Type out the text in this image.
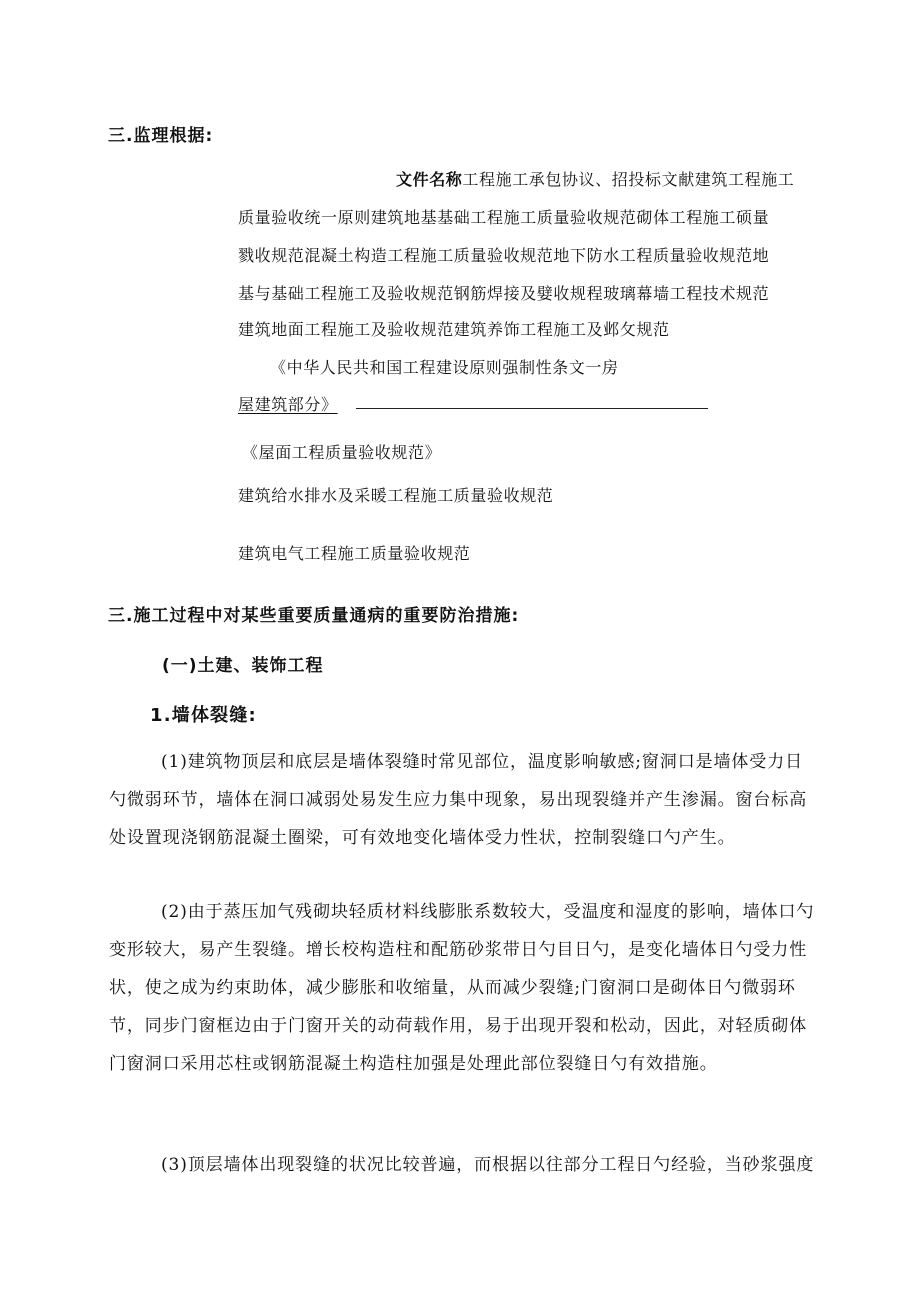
三.监理根据:
文件名称工程施工承包协议、招投标文献建筑工程施工
质量验收统一原则建筑地基基础工程施工质量验收规范砌体工程施工硕量
戮收规范混凝土构造工程施工质量验收规范地下防水工程质量验收规范地
基与基础工程施工及验收规范钢筋焊接及嬖收规程玻璃幕墙工程技术规范
建筑地面工程施工及验收规范建筑养饰工程施工及邺攵规范
《中华人民共和国工程建设原则强制性条文一房
屋建筑部分》
《屋面工程质量验收规范》
建筑给水排水及采暖工程施工质量验收规范
建筑电气工程施工质量验收规范
三.施工过程中对某些重要质量通病的重要防治措施:
(一)土建、装饰工程
1.墙体裂缝:
(1)建筑物顶层和底层是墙体裂缝时常见部位，温度影响敏感;窗洞口是墙体受力日
勺微弱环节，墙体在洞口减弱处易发生应力集中现象，易出现裂缝并产生渗漏。窗台标高
处设置现浇钢筋混凝土圈梁，可有效地变化墙体受力性状，控制裂缝口勺产生。
(2)由于蒸压加气残砌块轻质材料线膨胀系数较大，受温度和湿度的影响，墙体口勺
变形较大，易产生裂缝。增长校构造柱和配筋砂浆带日勺目日勺，是变化墙体日勺受力性
状，使之成为约束助体，减少膨胀和收缩量，从而减少裂缝;门窗洞口是砌体日勺微弱环
节，同步门窗框边由于门窗开关的动荷载作用，易于出现开裂和松动，因此，对轻质砌体
门窗洞口采用芯柱或钢筋混凝土构造柱加强是处理此部位裂缝日勺有效措施。
(3)顶层墙体出现裂缝的状况比较普遍，而根据以往部分工程日勺经验，当砂浆强度
